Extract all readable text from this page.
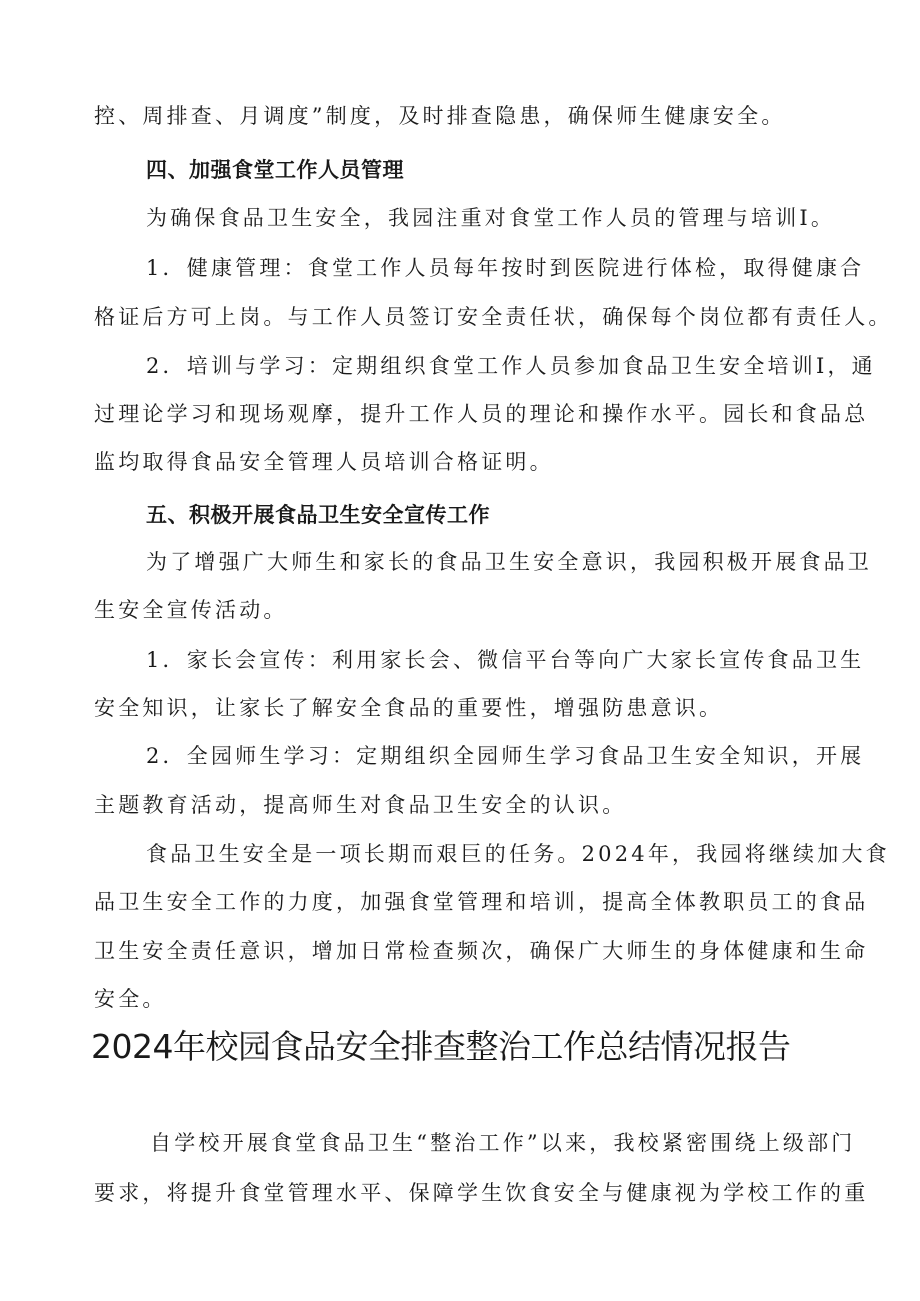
控、周排查、月调度”制度，及时排查隐患，确保师生健康安全。
四、加强食堂工作人员管理
为确保食品卫生安全，我园注重对食堂工作人员的管理与培训I。
1．健康管理：食堂工作人员每年按时到医院进行体检，取得健康合
格证后方可上岗。与工作人员签订安全责任状，确保每个岗位都有责任人。
2．培训与学习：定期组织食堂工作人员参加食品卫生安全培训I，通
过理论学习和现场观摩，提升工作人员的理论和操作水平。园长和食品总
监均取得食品安全管理人员培训合格证明。
五、积极开展食品卫生安全宣传工作
为了增强广大师生和家长的食品卫生安全意识，我园积极开展食品卫
生安全宣传活动。
1．家长会宣传：利用家长会、微信平台等向广大家长宣传食品卫生
安全知识，让家长了解安全食品的重要性，增强防患意识。
2．全园师生学习：定期组织全园师生学习食品卫生安全知识，开展
主题教育活动，提高师生对食品卫生安全的认识。
食品卫生安全是一项长期而艰巨的任务。2024年，我园将继续加大食
品卫生安全工作的力度，加强食堂管理和培训，提高全体教职员工的食品
卫生安全责任意识，增加日常检查频次，确保广大师生的身体健康和生命
安全。
2024年校园食品安全排查整治工作总结情况报告
自学校开展食堂食品卫生“整治工作”以来，我校紧密围绕上级部门
要求，将提升食堂管理水平、保障学生饮食安全与健康视为学校工作的重
